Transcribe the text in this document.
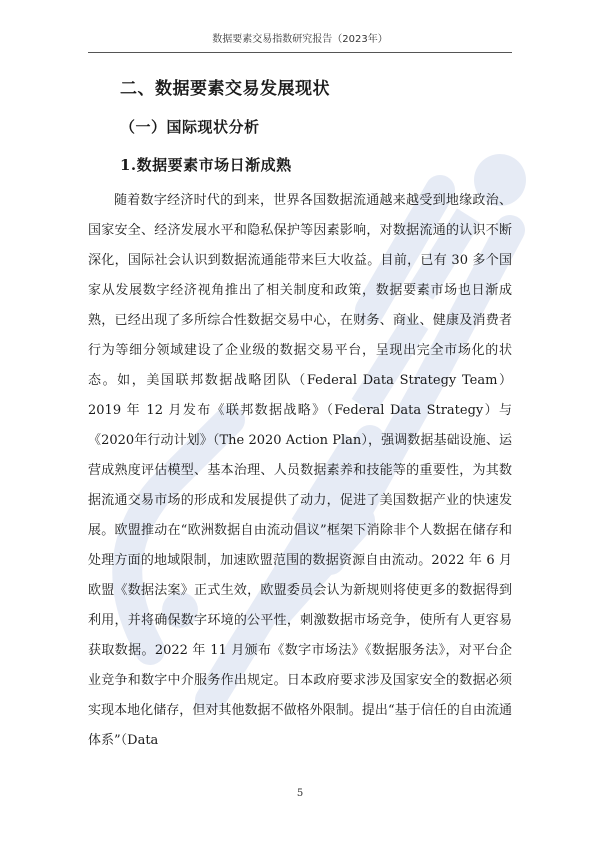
数据要素交易指数研究报告（2023年）
二、数据要素交易发展现状
（一）国际现状分析
1.数据要素市场日渐成熟

随着数字经济时代的到来，世界各国数据流通越来越受到地缘政治、国家安全、经济发展水平和隐私保护等因素影响，对数据流通的认识不断深化，国际社会认识到数据流通能带来巨大收益。目前，已有 30 多个国家从发展数字经济视角推出了相关制度和政策，数据要素市场也日渐成熟，已经出现了多所综合性数据交易中心，在财务、商业、健康及消费者行为等细分领域建设了企业级的数据交易平台，呈现出完全市场化的状态。如，美国联邦数据战略团队（Federal Data Strategy Team）2019 年 12 月发布《联邦数据战略》（Federal Data Strategy）与《2020年行动计划》（The 2020 Action Plan），强调数据基础设施、运营成熟度评估模型、基本治理、人员数据素养和技能等的重要性，为其数据流通交易市场的形成和发展提供了动力，促进了美国数据产业的快速发展。欧盟推动在“欧洲数据自由流动倡议”框架下消除非个人数据在储存和处理方面的地域限制，加速欧盟范围的数据资源自由流动。2022 年 6 月欧盟《数据法案》正式生效，欧盟委员会认为新规则将使更多的数据得到利用，并将确保数字环境的公平性，刺激数据市场竞争，使所有人更容易获取数据。2022 年 11 月颁布《数字市场法》《数据服务法》，对平台企业竞争和数字中介服务作出规定。日本政府要求涉及国家安全的数据必须实现本地化储存，但对其他数据不做格外限制。提出“基于信任的自由流通体系”（Data

5
